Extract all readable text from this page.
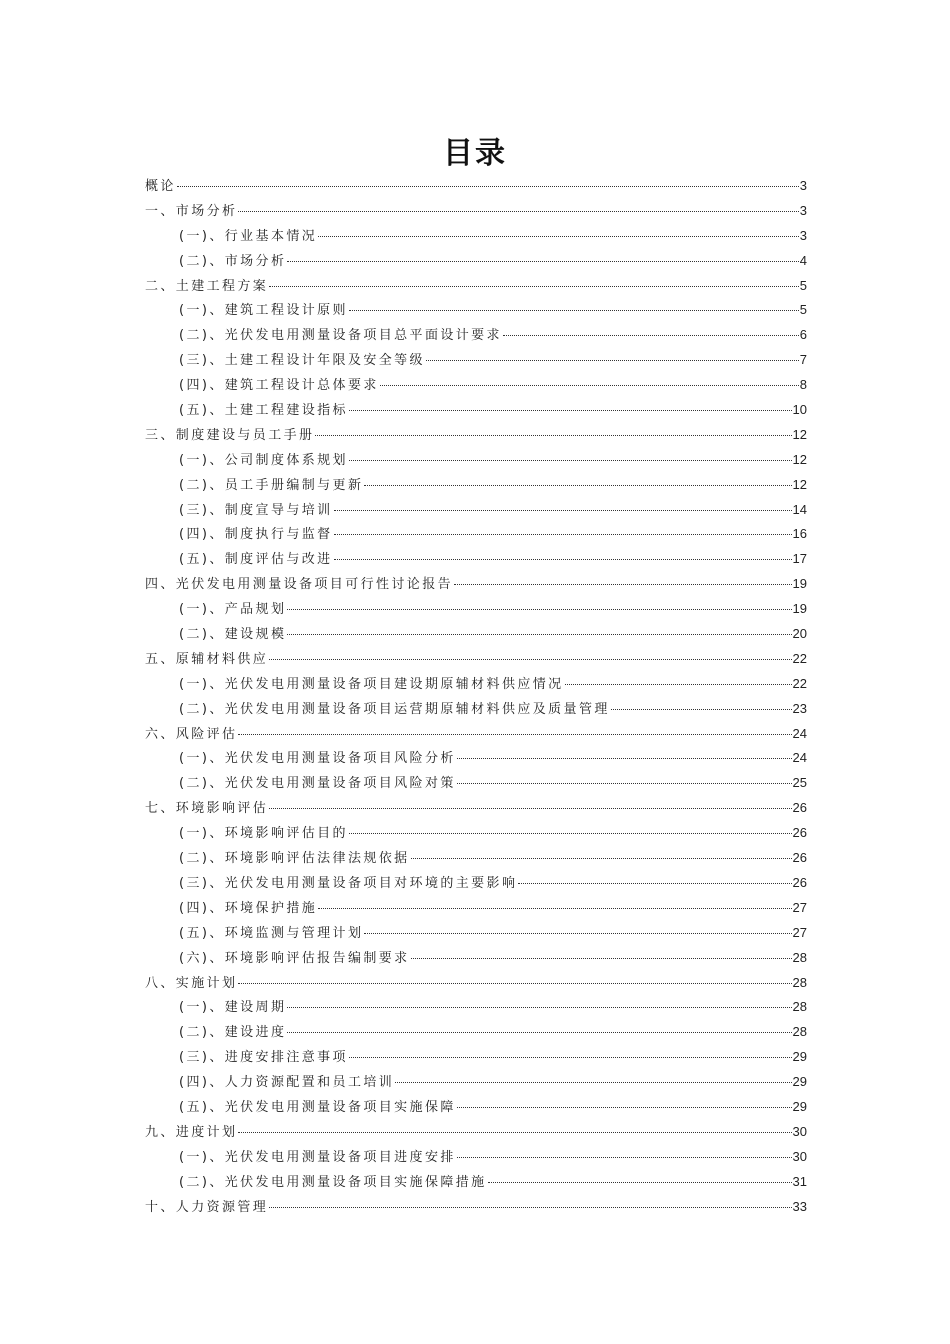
目录
概论	3
一、市场分析	3
(一)、行业基本情况	3
(二)、市场分析	4
二、土建工程方案	5
(一)、建筑工程设计原则	5
(二)、光伏发电用测量设备项目总平面设计要求	6
(三)、土建工程设计年限及安全等级	7
(四)、建筑工程设计总体要求	8
(五)、土建工程建设指标	10
三、制度建设与员工手册	12
(一)、公司制度体系规划	12
(二)、员工手册编制与更新	12
(三)、制度宣导与培训	14
(四)、制度执行与监督	16
(五)、制度评估与改进	17
四、光伏发电用测量设备项目可行性讨论报告	19
(一)、产品规划	19
(二)、建设规模	20
五、原辅材料供应	22
(一)、光伏发电用测量设备项目建设期原辅材料供应情况	22
(二)、光伏发电用测量设备项目运营期原辅材料供应及质量管理	23
六、风险评估	24
(一)、光伏发电用测量设备项目风险分析	24
(二)、光伏发电用测量设备项目风险对策	25
七、环境影响评估	26
(一)、环境影响评估目的	26
(二)、环境影响评估法律法规依据	26
(三)、光伏发电用测量设备项目对环境的主要影响	26
(四)、环境保护措施	27
(五)、环境监测与管理计划	27
(六)、环境影响评估报告编制要求	28
八、实施计划	28
(一)、建设周期	28
(二)、建设进度	28
(三)、进度安排注意事项	29
(四)、人力资源配置和员工培训	29
(五)、光伏发电用测量设备项目实施保障	29
九、进度计划	30
(一)、光伏发电用测量设备项目进度安排	30
(二)、光伏发电用测量设备项目实施保障措施	31
十、人力资源管理	33
